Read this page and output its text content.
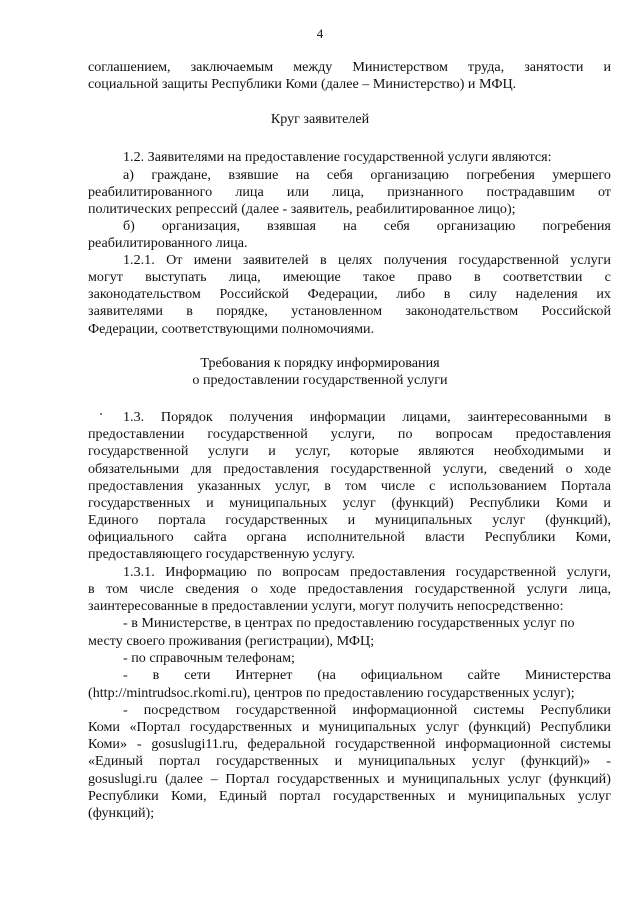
4
соглашением, заключаемым между Министерством труда, занятости и
социальной защиты Республики Коми (далее – Министерство) и МФЦ.
Круг заявителей
1.2. Заявителями на предоставление государственной услуги являются:
а) граждане, взявшие на себя организацию погребения умершего
реабилитированного лица или лица, признанного пострадавшим от
политических репрессий (далее - заявитель, реабилитированное лицо);
б) организация, взявшая на себя организацию погребения
реабилитированного лица.
1.2.1. От имени заявителей в целях получения государственной услуги
могут выступать лица, имеющие такое право в соответствии с
законодательством Российской Федерации, либо в силу наделения их
заявителями в порядке, установленном законодательством Российской
Федерации, соответствующими полномочиями.
Требования к порядку информирования
о предоставлении государственной услуги
1.3. Порядок получения информации лицами, заинтересованными в
предоставлении государственной услуги, по вопросам предоставления
государственной услуги и услуг, которые являются необходимыми и
обязательными для предоставления государственной услуги, сведений о ходе
предоставления указанных услуг, в том числе с использованием Портала
государственных и муниципальных услуг (функций) Республики Коми и
Единого портала государственных и муниципальных услуг (функций),
официального сайта органа исполнительной власти Республики Коми,
предоставляющего государственную услугу.
1.3.1. Информацию по вопросам предоставления государственной услуги,
в том числе сведения о ходе предоставления государственной услуги лица,
заинтересованные в предоставлении услуги, могут получить непосредственно:
- в Министерстве, в центрах по предоставлению государственных услуг по
месту своего проживания (регистрации), МФЦ;
- по справочным телефонам;
- в сети Интернет (на официальном сайте Министерства
(http://mintrudsoc.rkomi.ru), центров по предоставлению государственных услуг);
- посредством государственной информационной системы Республики
Коми «Портал государственных и муниципальных услуг (функций) Республики
Коми» - gosuslugi11.ru, федеральной государственной информационной системы
«Единый портал государственных и муниципальных услуг (функций)» -
gosuslugi.ru (далее – Портал государственных и муниципальных услуг (функций)
Республики Коми, Единый портал государственных и муниципальных услуг
(функций);
